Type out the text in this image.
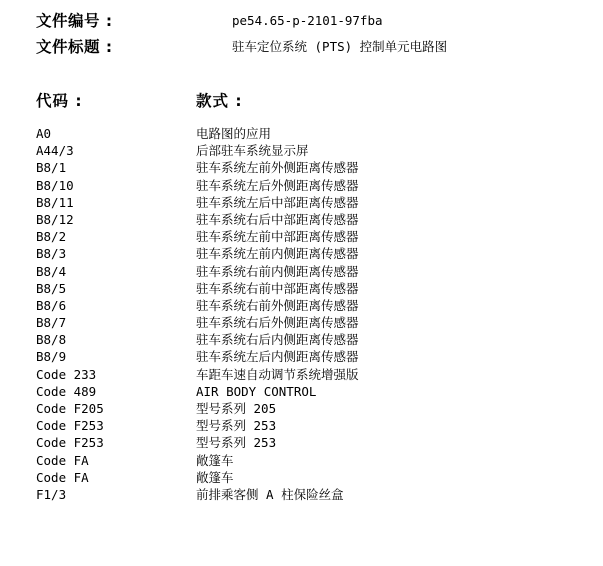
文件编号 :	pe54.65-p-2101-97fba
文件标题 :	驻车定位系统 (PTS) 控制单元电路图
代码 :	款式 :
A0	电路图的应用
A44/3	后部驻车系统显示屏
B8/1	驻车系统左前外侧距离传感器
B8/10	驻车系统左后外侧距离传感器
B8/11	驻车系统左后中部距离传感器
B8/12	驻车系统右后中部距离传感器
B8/2	驻车系统左前中部距离传感器
B8/3	驻车系统左前内侧距离传感器
B8/4	驻车系统右前内侧距离传感器
B8/5	驻车系统右前中部距离传感器
B8/6	驻车系统右前外侧距离传感器
B8/7	驻车系统右后外侧距离传感器
B8/8	驻车系统右后内侧距离传感器
B8/9	驻车系统左后内侧距离传感器
Code 233	车距车速自动调节系统增强版
Code 489	AIR BODY CONTROL
Code F205	型号系列 205
Code F253	型号系列 253
Code F253	型号系列 253
Code FA	敞篷车
Code FA	敞篷车
F1/3	前排乘客侧 A 柱保险丝盒
